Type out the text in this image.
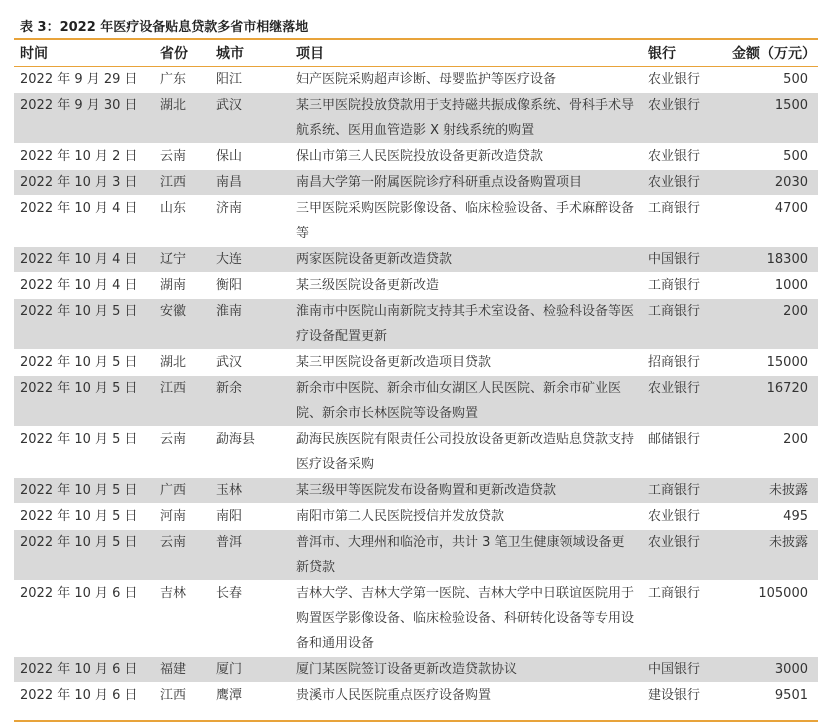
表 3：2022 年医疗设备贴息贷款多省市相继落地
时间	省份	城市	项目	银行	金额（万元）
2022 年 9 月 29 日	广东	阳江	妇产医院采购超声诊断、母婴监护等医疗设备	农业银行	500
2022 年 9 月 30 日	湖北	武汉	某三甲医院投放贷款用于支持磁共振成像系统、骨科手术导航系统、医用血管造影 X 射线系统的购置	农业银行	1500
2022 年 10 月 2 日	云南	保山	保山市第三人民医院投放设备更新改造贷款	农业银行	500
2022 年 10 月 3 日	江西	南昌	南昌大学第一附属医院诊疗科研重点设备购置项目	农业银行	2030
2022 年 10 月 4 日	山东	济南	三甲医院采购医院影像设备、临床检验设备、手术麻醉设备等	工商银行	4700
2022 年 10 月 4 日	辽宁	大连	两家医院设备更新改造贷款	中国银行	18300
2022 年 10 月 4 日	湖南	衡阳	某三级医院设备更新改造	工商银行	1000
2022 年 10 月 5 日	安徽	淮南	淮南市中医院山南新院支持其手术室设备、检验科设备等医疗设备配置更新	工商银行	200
2022 年 10 月 5 日	湖北	武汉	某三甲医院设备更新改造项目贷款	招商银行	15000
2022 年 10 月 5 日	江西	新余	新余市中医院、新余市仙女湖区人民医院、新余市矿业医院、新余市长林医院等设备购置	农业银行	16720
2022 年 10 月 5 日	云南	勐海县	勐海民族医院有限责任公司投放设备更新改造贴息贷款支持医疗设备采购	邮储银行	200
2022 年 10 月 5 日	广西	玉林	某三级甲等医院发布设备购置和更新改造贷款	工商银行	未披露
2022 年 10 月 5 日	河南	南阳	南阳市第二人民医院授信并发放贷款	农业银行	495
2022 年 10 月 5 日	云南	普洱	普洱市、大理州和临沧市，共计 3 笔卫生健康领域设备更新贷款	农业银行	未披露
2022 年 10 月 6 日	吉林	长春	吉林大学、吉林大学第一医院、吉林大学中日联谊医院用于购置医学影像设备、临床检验设备、科研转化设备等专用设备和通用设备	工商银行	105000
2022 年 10 月 6 日	福建	厦门	厦门某医院签订设备更新改造贷款协议	中国银行	3000
2022 年 10 月 6 日	江西	鹰潭	贵溪市人民医院重点医疗设备购置	建设银行	9501
